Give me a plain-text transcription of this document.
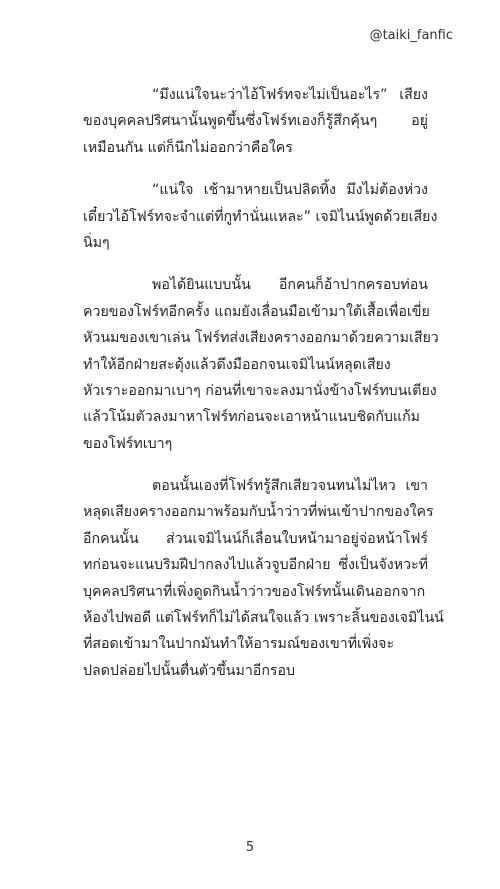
@taiki_fanfic
“มึงแน่ใจนะว่าไอ้โฟร์ทจะไม่เป็นอะไร” เสียง
ของบุคคลปริศนานั้นพูดขึ้นซึ่งโฟร์ทเองก็รู้สึกคุ้นๆ อยู่
เหมือนกัน แต่ก็นึกไม่ออกว่าคือใคร
“แน่ใจ เช้ามาหายเป็นปลิดทิ้ง มึงไม่ต้องห่วง
เดี๋ยวไอ้โฟร์ทจะจำแต่ที่กูทำนั่นแหละ” เจมิไนน์พูดด้วยเสียง
นิ่มๆ
พอได้ยินแบบนั้น อีกคนก็อ้าปากครอบท่อน
ควยของโฟร์ทอีกครั้ง แถมยังเลื่อนมือเข้ามาใต้เสื้อเพื่อเขี่ย
หัวนมของเขาเล่น โฟร์ทส่งเสียงครางออกมาด้วยความเสียว
ทำให้อีกฝ่ายสะดุ้งแล้วดึงมืออกจนเจมิไนน์หลุดเสียง
หัวเราะออกมาเบาๆ ก่อนที่เขาจะลงมานั่งข้างโฟร์ทบนเตียง
แล้วโน้มตัวลงมาหาโฟร์ทก่อนจะเอาหน้าแนบชิดกับแก้ม
ของโฟร์ทเบาๆ
ตอนนั้นเองที่โฟร์ทรู้สึกเสียวจนทนไม่ไหว เขา
หลุดเสียงครางออกมาพร้อมกับน้ำว่าวที่พ่นเข้าปากของใคร
อีกคนนั้น ส่วนเจมิไนน์ก็เลื่อนใบหน้ามาอยู่จ่อหน้าโฟร์
ทก่อนจะแนบริมฝีปากลงไปแล้วจูบอีกฝ่าย ซึ่งเป็นจังหวะที่
บุคคลปริศนาที่เพิ่งดูดกินน้ำว่าวของโฟร์ทนั้นเดินออกจาก
ห้องไปพอดี แต่โฟร์ทก็ไม่ได้สนใจแล้ว เพราะลิ้นของเจมิไนน์
ที่สอดเข้ามาในปากมันทำให้อารมณ์ของเขาที่เพิ่งจะ
ปลดปล่อยไปนั้นตื่นตัวขึ้นมาอีกรอบ
5
